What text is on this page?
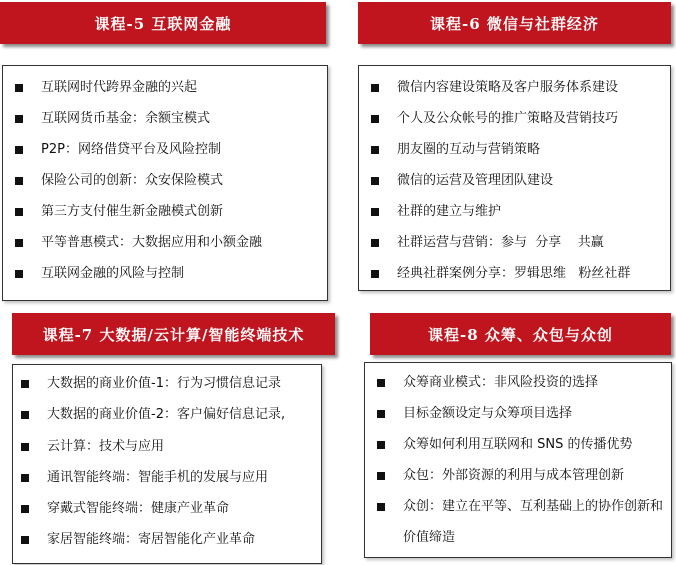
课程-5 互联网金融
互联网时代跨界金融的兴起
互联网货币基金：余额宝模式
P2P：网络借贷平台及风险控制
保险公司的创新：众安保险模式
第三方支付催生新金融模式创新
平等普惠模式：大数据应用和小额金融
互联网金融的风险与控制
课程-6 微信与社群经济
微信内容建设策略及客户服务体系建设
个人及公众帐号的推广策略及营销技巧
朋友圈的互动与营销策略
微信的运营及管理团队建设
社群的建立与维护
社群运营与营销：参与  分享    共赢
经典社群案例分享：罗辑思维   粉丝社群
课程-7 大数据/云计算/智能终端技术
大数据的商业价值-1：行为习惯信息记录
大数据的商业价值-2：客户偏好信息记录,
云计算：技术与应用
通讯智能终端：智能手机的发展与应用
穿戴式智能终端：健康产业革命
家居智能终端：寄居智能化产业革命
课程-8 众筹、众包与众创
众筹商业模式：非风险投资的选择
目标金额设定与众筹项目选择
众筹如何利用互联网和 SNS 的传播优势
众包：外部资源的利用与成本管理创新
众创：建立在平等、互利基础上的协作创新和价值缔造
